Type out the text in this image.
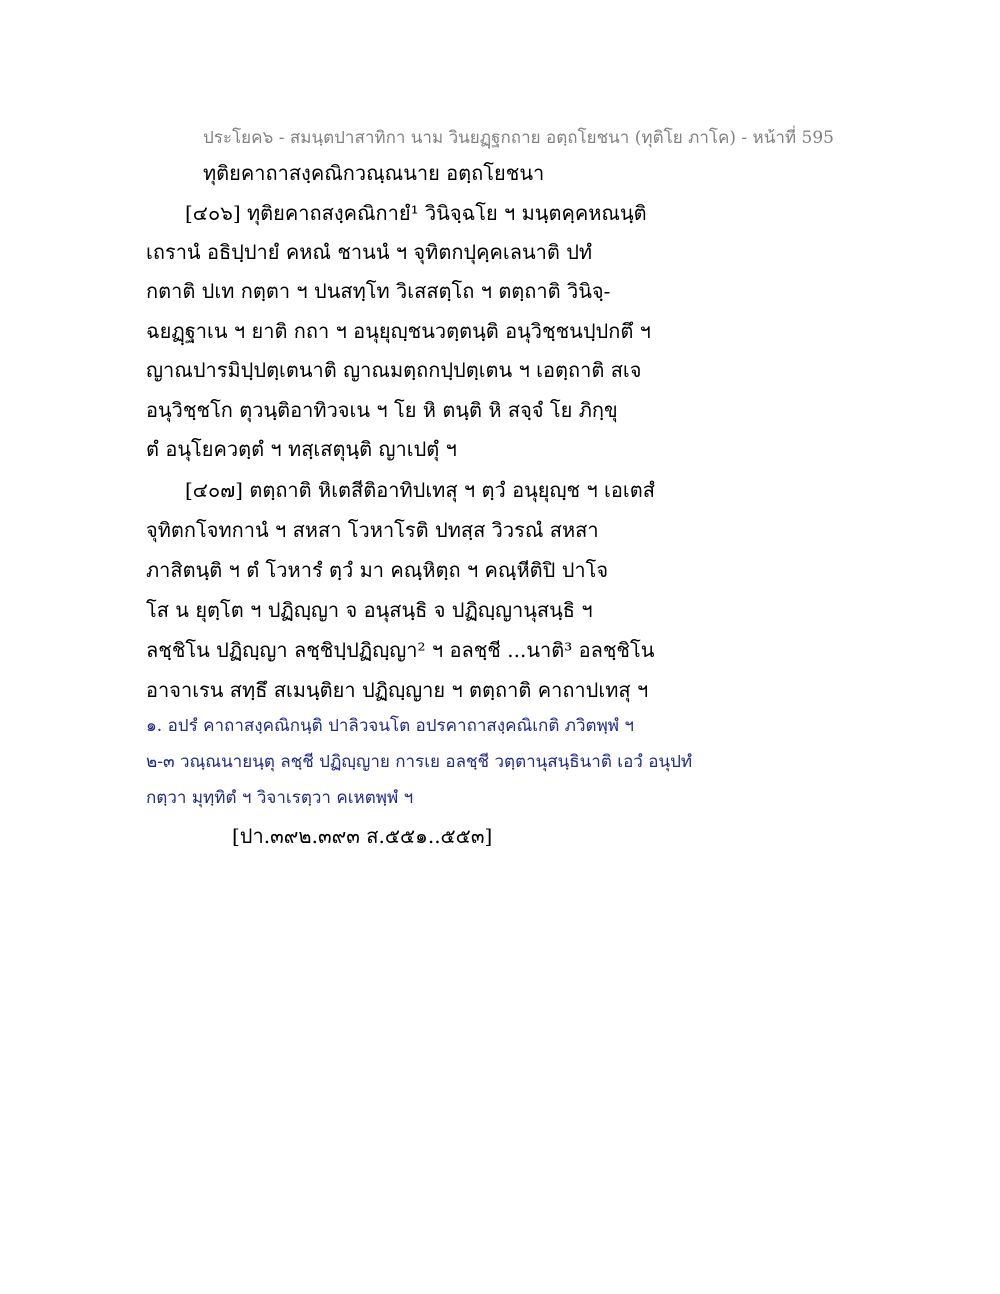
ประโยค๖ - สมนฺตปาสาทิกา นาม วินยฏฺฐกถาย อตฺถโยชนา (ทุติโย ภาโค) - หน้าที่ 595
ทุติยคาถาสงฺคณิกวณฺณนาย อตฺถโยชนา
[๔๐๖] ทุติยคาถสงฺคณิกายํ¹ วินิจฺฉโย ฯ มนฺตคฺคหณนฺติ
เถรานํ อธิปฺปายํ คหณํ ชานนํ ฯ จุทิตกปุคฺคเลนาติ ปทํ
กตาติ ปเท กตฺตา ฯ ปนสทฺโท วิเสสตฺโถ ฯ ตตฺถาติ วินิจฺ-
ฉยฏฺฐาเน ฯ ยาติ กถา ฯ อนุยุญฺชนวตฺตนฺติ อนุวิชฺชนปฺปกตึ ฯ
ญาณปารมิปฺปตฺเตนาติ ญาณมตฺถกปฺปตฺเตน ฯ เอตฺถาติ สเจ
อนุวิชฺชโก ตุวนฺติอาทิวจเน ฯ โย หิ ตนฺติ หิ สจฺจํ โย ภิกฺขุ
ตํ อนุโยควตฺตํ ฯ ทสฺเสตุนฺติ ญาเปตุํ ฯ
[๔๐๗] ตตฺถาติ หิเตสีติอาทิปเทสุ ฯ ตฺวํ อนุยุญฺช ฯ เอเตสํ
จุทิตกโจทกานํ ฯ สหสา โวหาโรติ ปทสฺส วิวรณํ สหสา
ภาสิตนฺติ ฯ ตํ โวหารํ ตฺวํ มา คณฺหิตฺถ ฯ คณฺหีติปิ ปาโจ
โส น ยุตฺโต ฯ ปฏิญฺญา จ อนุสนฺธิ จ ปฏิญฺญานุสนฺธิ ฯ
ลชฺชิโน ปฏิญฺญา ลชฺชิปฺปฏิญฺญา² ฯ อลชฺชี ...นาติ³ อลชฺชิโน
อาจาเรน สทฺธึ สเมนฺติยา ปฏิญฺญาย ฯ ตตฺถาติ คาถาปเทสุ ฯ
๑. อปรํ คาถาสงฺคณิกนฺติ ปาลิวจนโต อปรคาถาสงฺคณิเกติ ภวิตพฺพํ ฯ
๒-๓ วณฺณนายนฺตุ ลชฺชี ปฏิญฺญาย การเย อลชฺชี วตฺตานุสนฺธินาติ เอวํ อนุปทํ
กตฺวา มุทฺทิตํ ฯ วิจาเรตฺวา คเหตพฺพํ ฯ
[ปา.๓๙๒.๓๙๓ ส.๕๕๑..๕๕๓]
